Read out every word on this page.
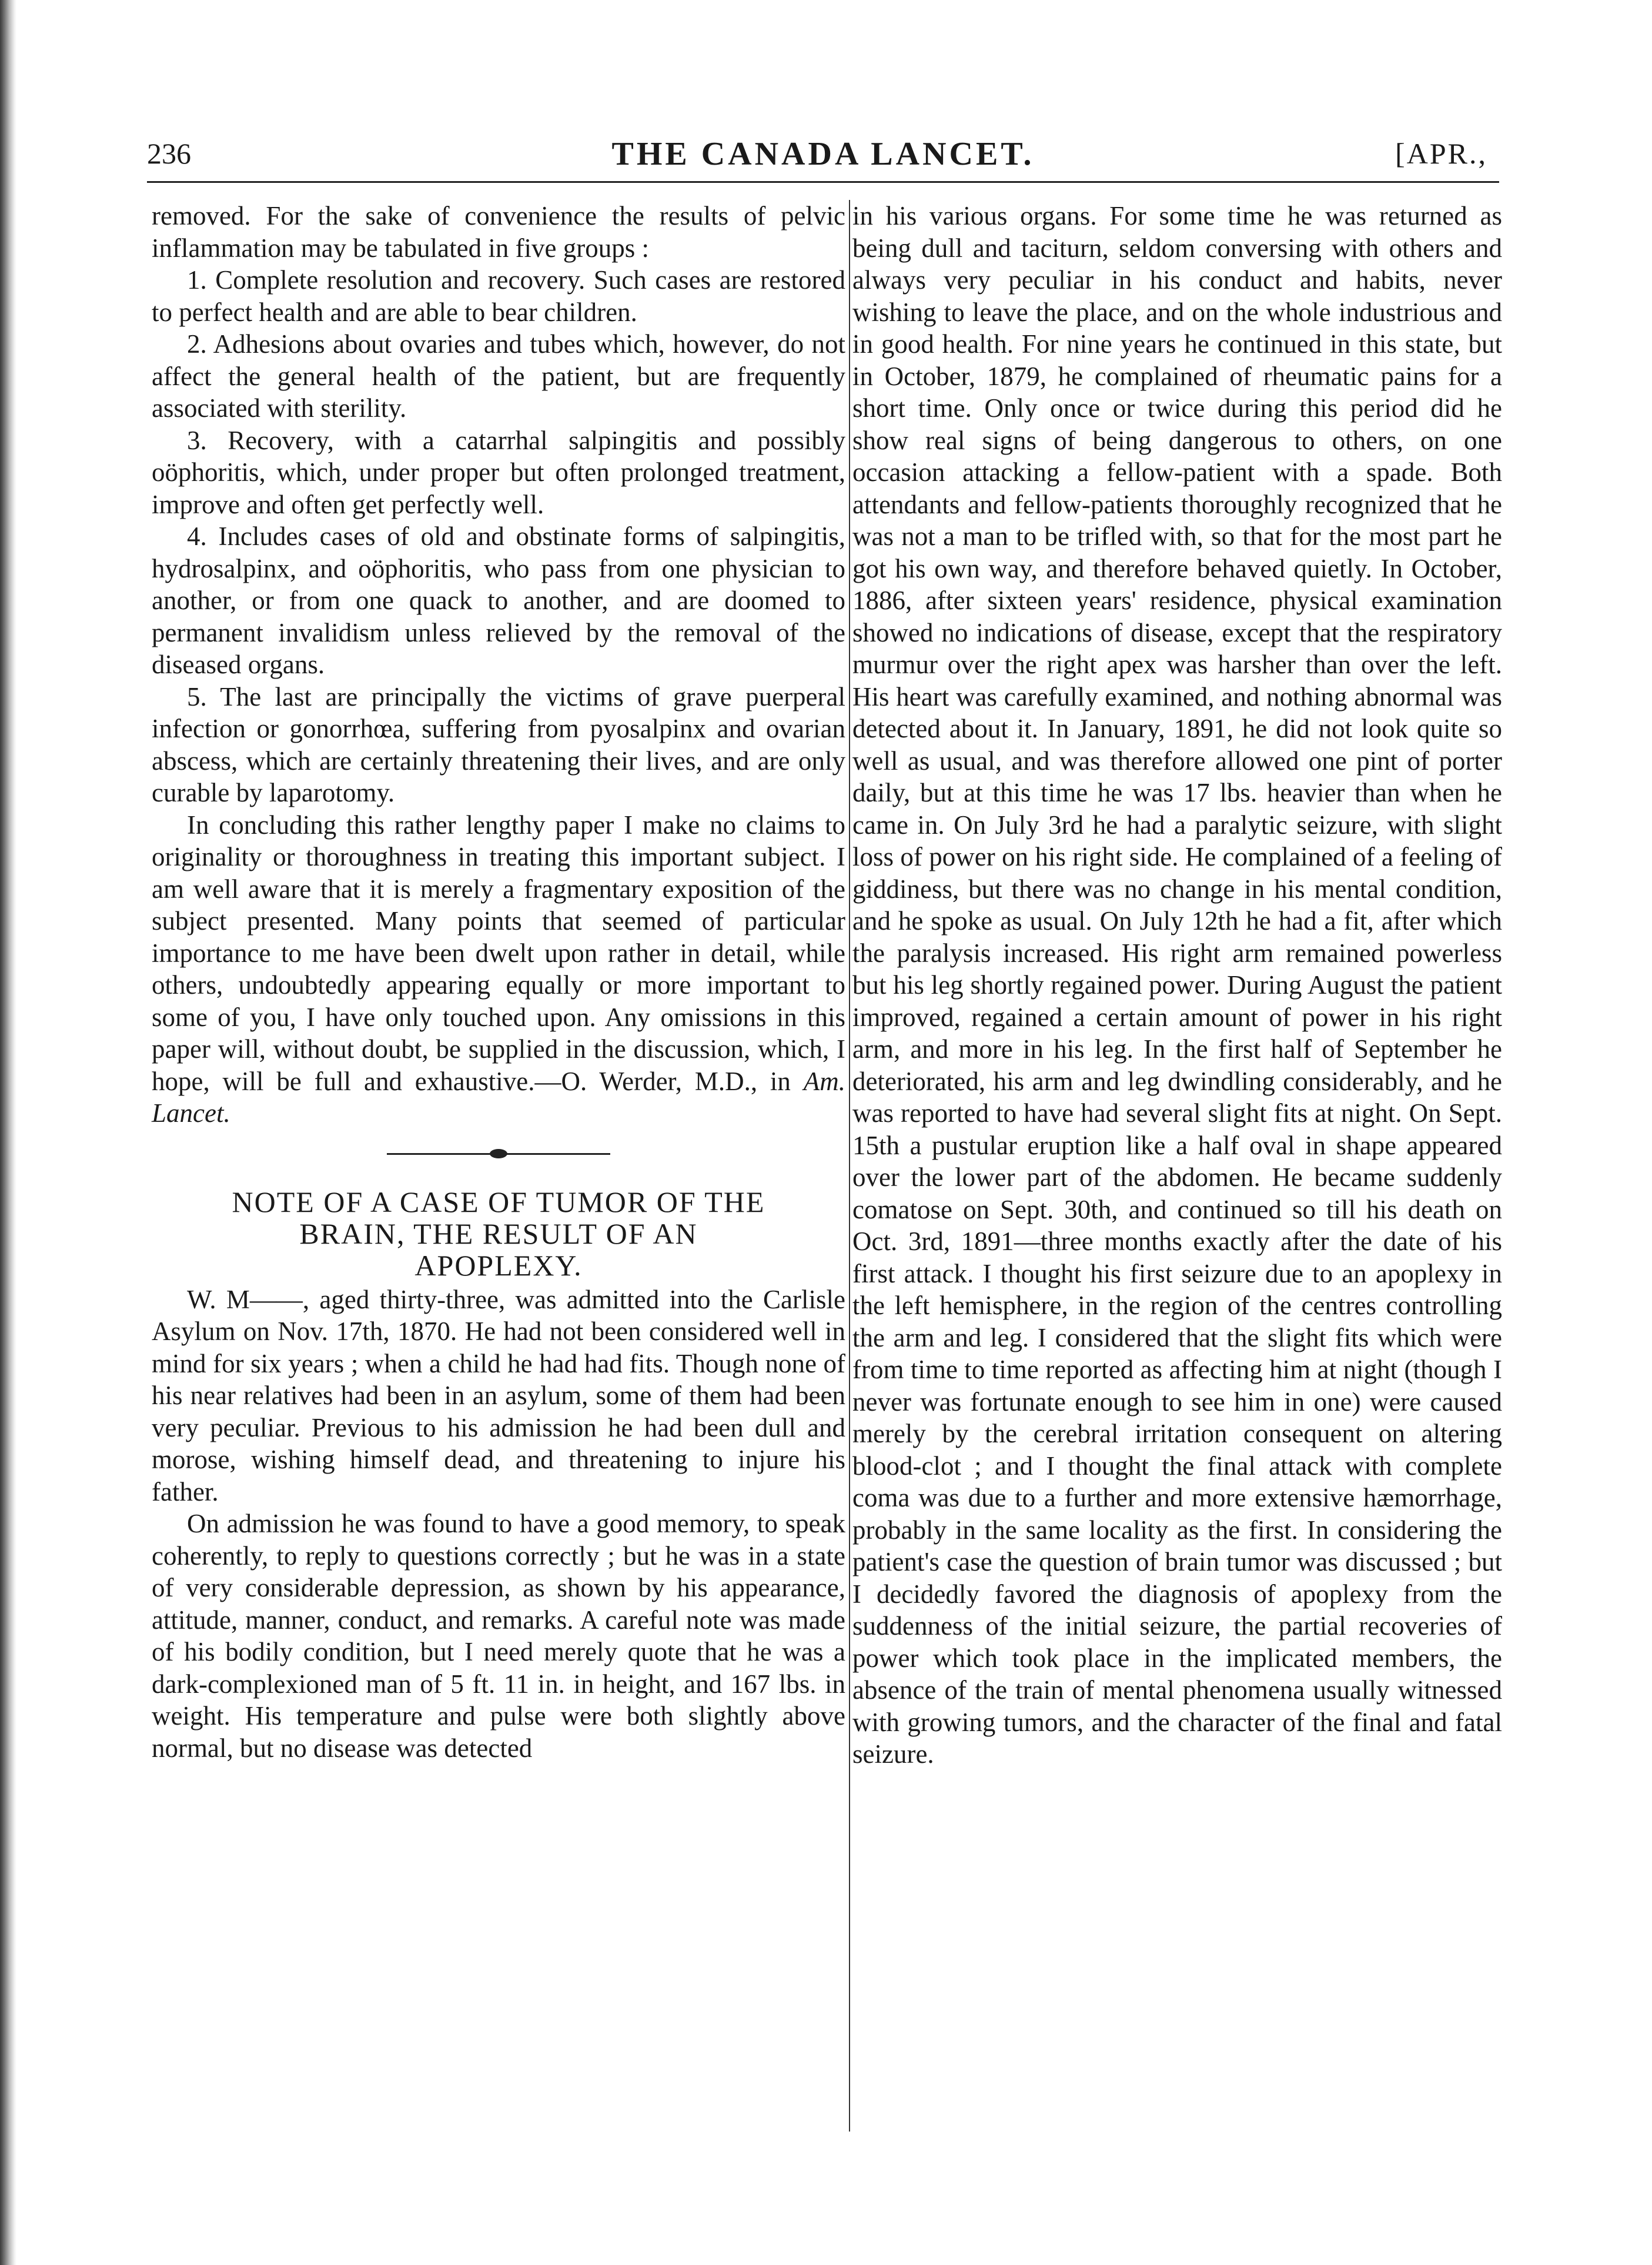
236	THE CANADA LANCET.	[APR.,

removed. For the sake of convenience the results of pelvic inflammation may be tabulated in five groups :

1. Complete resolution and recovery. Such cases are restored to perfect health and are able to bear children.

2. Adhesions about ovaries and tubes which, however, do not affect the general health of the patient, but are frequently associated with sterility.

3. Recovery, with a catarrhal salpingitis and possibly oöphoritis, which, under proper but often prolonged treatment, improve and often get perfectly well.

4. Includes cases of old and obstinate forms of salpingitis, hydrosalpinx, and oöphoritis, who pass from one physician to another, or from one quack to another, and are doomed to permanent invalidism unless relieved by the removal of the diseased organs.

5. The last are principally the victims of grave puerperal infection or gonorrhœa, suffering from pyosalpinx and ovarian abscess, which are certainly threatening their lives, and are only curable by laparotomy.

In concluding this rather lengthy paper I make no claims to originality or thoroughness in treating this important subject. I am well aware that it is merely a fragmentary exposition of the subject presented. Many points that seemed of particular importance to me have been dwelt upon rather in detail, while others, undoubtedly appearing equally or more important to some of you, I have only touched upon. Any omissions in this paper will, without doubt, be supplied in the discussion, which, I hope, will be full and exhaustive.—O. Werder, M.D., in Am. Lancet.

NOTE OF A CASE OF TUMOR OF THE
BRAIN, THE RESULT OF AN
APOPLEXY.

W. M——, aged thirty-three, was admitted into the Carlisle Asylum on Nov. 17th, 1870. He had not been considered well in mind for six years ; when a child he had had fits. Though none of his near relatives had been in an asylum, some of them had been very peculiar. Previous to his admission he had been dull and morose, wishing himself dead, and threatening to injure his father.

On admission he was found to have a good memory, to speak coherently, to reply to questions correctly ; but he was in a state of very considerable depression, as shown by his appearance, attitude, manner, conduct, and remarks. A careful note was made of his bodily condition, but I need merely quote that he was a dark-complexioned man of 5 ft. 11 in. in height, and 167 lbs. in weight. His temperature and pulse were both slightly above normal, but no disease was detected

in his various organs. For some time he was returned as being dull and taciturn, seldom conversing with others and always very peculiar in his conduct and habits, never wishing to leave the place, and on the whole industrious and in good health. For nine years he continued in this state, but in October, 1879, he complained of rheumatic pains for a short time. Only once or twice during this period did he show real signs of being dangerous to others, on one occasion attacking a fellow-patient with a spade. Both attendants and fellow-patients thoroughly recognized that he was not a man to be trifled with, so that for the most part he got his own way, and therefore behaved quietly. In October, 1886, after sixteen years' residence, physical examination showed no indications of disease, except that the respiratory murmur over the right apex was harsher than over the left. His heart was carefully examined, and nothing abnormal was detected about it. In January, 1891, he did not look quite so well as usual, and was therefore allowed one pint of porter daily, but at this time he was 17 lbs. heavier than when he came in. On July 3rd he had a paralytic seizure, with slight loss of power on his right side. He complained of a feeling of giddiness, but there was no change in his mental condition, and he spoke as usual. On July 12th he had a fit, after which the paralysis increased. His right arm remained powerless but his leg shortly regained power. During August the patient improved, regained a certain amount of power in his right arm, and more in his leg. In the first half of September he deteriorated, his arm and leg dwindling considerably, and he was reported to have had several slight fits at night. On Sept. 15th a pustular eruption like a half oval in shape appeared over the lower part of the abdomen. He became suddenly comatose on Sept. 30th, and continued so till his death on Oct. 3rd, 1891—three months exactly after the date of his first attack. I thought his first seizure due to an apoplexy in the left hemisphere, in the region of the centres controlling the arm and leg. I considered that the slight fits which were from time to time reported as affecting him at night (though I never was fortunate enough to see him in one) were caused merely by the cerebral irritation consequent on altering blood-clot ; and I thought the final attack with complete coma was due to a further and more extensive hæmorrhage, probably in the same locality as the first. In considering the patient's case the question of brain tumor was discussed ; but I decidedly favored the diagnosis of apoplexy from the suddenness of the initial seizure, the partial recoveries of power which took place in the implicated members, the absence of the train of mental phenomena usually witnessed with growing tumors, and the character of the final and fatal seizure.
